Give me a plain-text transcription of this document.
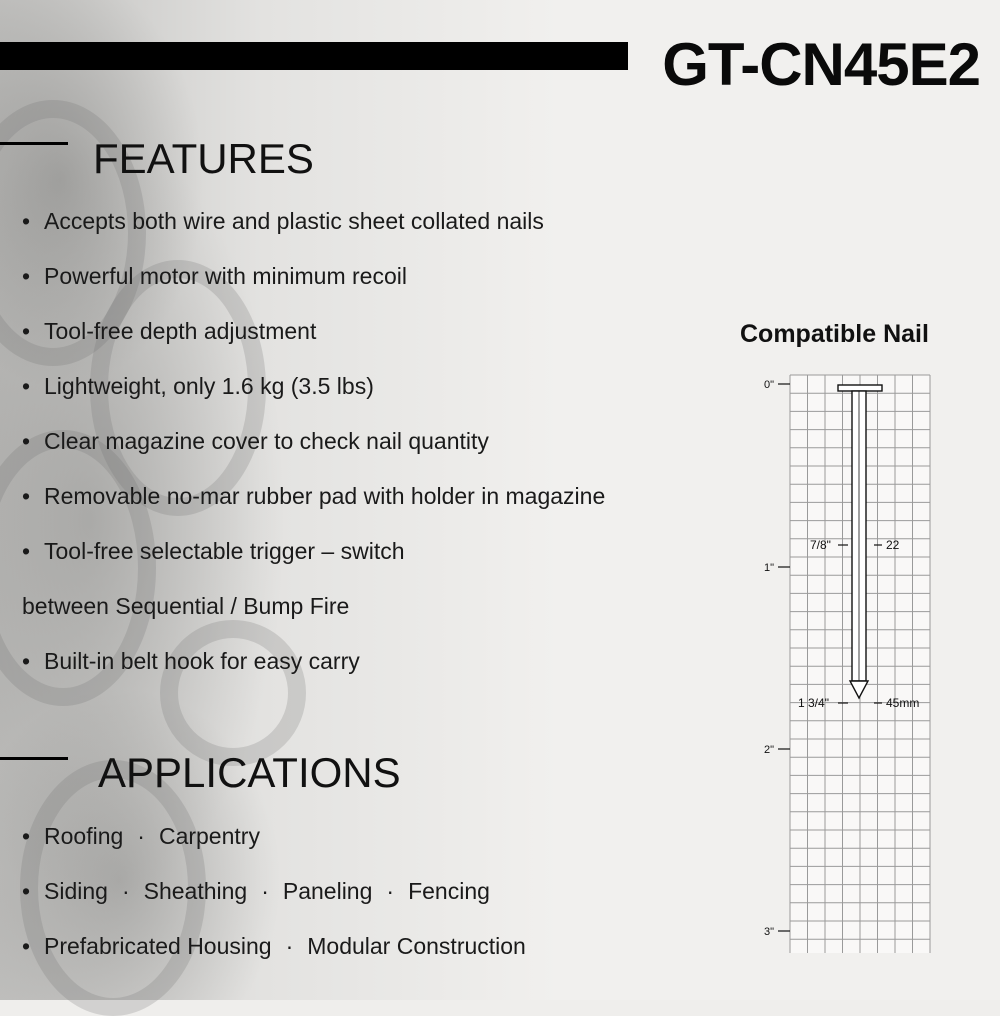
GT-CN45E2
FEATURES
• Accepts both wire and plastic sheet collated nails
• Powerful motor with minimum recoil
• Tool-free depth adjustment
• Lightweight, only 1.6 kg (3.5 lbs)
• Clear magazine cover to check nail quantity
• Removable no-mar rubber pad with holder in magazine
• Tool-free selectable trigger – switch
between Sequential / Bump Fire
• Built-in belt hook for easy carry
APPLICATIONS
• Roofing · Carpentry
• Siding · Sheathing · Paneling · Fencing
• Prefabricated Housing · Modular Construction
Compatible Nail
0"
1"
2"
3"
7/8"	22
1 3/4"	45mm
